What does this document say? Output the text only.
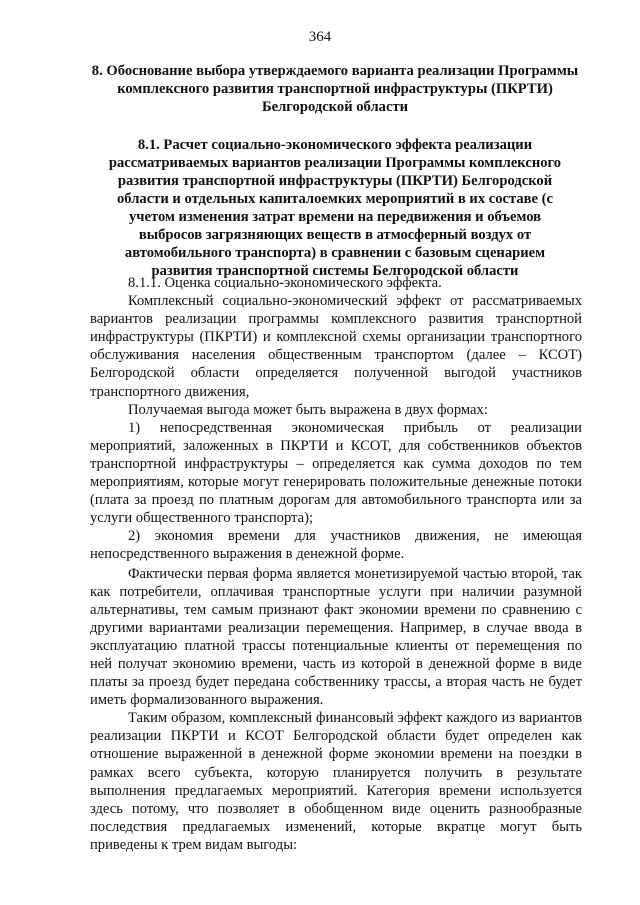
364
8. Обоснование выбора утверждаемого варианта реализации Программы комплексного развития транспортной инфраструктуры (ПКРТИ) Белгородской области
8.1. Расчет социально-экономического эффекта реализации рассматриваемых вариантов реализации Программы комплексного развития транспортной инфраструктуры (ПКРТИ) Белгородской области и отдельных капиталоемких мероприятий в их составе (с учетом изменения затрат времени на передвижения и объемов выбросов загрязняющих веществ в атмосферный воздух от автомобильного транспорта) в сравнении с базовым сценарием развития транспортной системы Белгородской области

8.1.1. Оценка социально-экономического эффекта.

Комплексный социально-экономический эффект от рассматриваемых вариантов реализации программы комплексного развития транспортной инфраструктуры (ПКРТИ) и комплексной схемы организации транспортного обслуживания населения общественным транспортом (далее – КСОТ) Белгородской области определяется полученной выгодой участников транспортного движения,

Получаемая выгода может быть выражена в двух формах:

1) непосредственная экономическая прибыль от реализации мероприятий, заложенных в ПКРТИ и КСОТ, для собственников объектов транспортной инфраструктуры – определяется как сумма доходов по тем мероприятиям, которые могут генерировать положительные денежные потоки (плата за проезд по платным дорогам для автомобильного транспорта или за услуги общественного транспорта);

2) экономия времени для участников движения, не имеющая непосредственного выражения в денежной форме.

Фактически первая форма является монетизируемой частью второй, так как потребители, оплачивая транспортные услуги при наличии разумной альтернативы, тем самым признают факт экономии времени по сравнению с другими вариантами реализации перемещения. Например, в случае ввода в эксплуатацию платной трассы потенциальные клиенты от перемещения по ней получат экономию времени, часть из которой в денежной форме в виде платы за проезд будет передана собственнику трассы, а вторая часть не будет иметь формализованного выражения.

Таким образом, комплексный финансовый эффект каждого из вариантов реализации ПКРТИ и КСОТ Белгородской области будет определен как отношение выраженной в денежной форме экономии времени на поездки в рамках всего субъекта, которую планируется получить в результате выполнения предлагаемых мероприятий. Категория времени используется здесь потому, что позволяет в обобщенном виде оценить разнообразные последствия предлагаемых изменений, которые вкратце могут быть приведены к трем видам выгоды:
